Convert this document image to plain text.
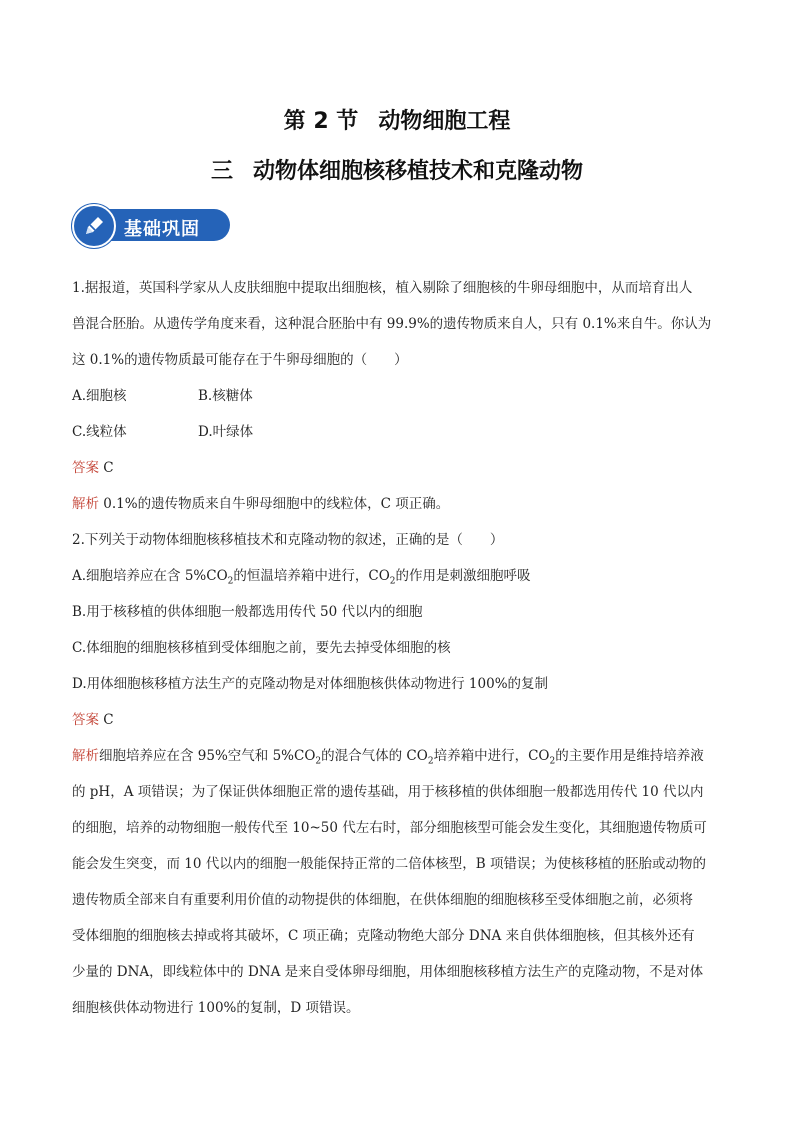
第 2 节 动物细胞工程
三 动物体细胞核移植技术和克隆动物
基础巩固

1.据报道，英国科学家从人皮肤细胞中提取出细胞核，植入剔除了细胞核的牛卵母细胞中，从而培育出人

兽混合胚胎。从遗传学角度来看，这种混合胚胎中有 99.9%的遗传物质来自人，只有 0.1%来自牛。你认为

这 0.1%的遗传物质最可能存在于牛卵母细胞的（　　）

A.细胞核	B.核糖体

C.线粒体	D.叶绿体

答案 C

解析 0.1%的遗传物质来自牛卵母细胞中的线粒体，C 项正确。

2.下列关于动物体细胞核移植技术和克隆动物的叙述，正确的是（　　）

A.细胞培养应在含 $5\%CO_2$的恒温培养箱中进行，$CO_2$的作用是刺激细胞呼吸

B.用于核移植的供体细胞一般都选用传代 50 代以内的细胞

C.体细胞的细胞核移植到受体细胞之前，要先去掉受体细胞的核

D.用体细胞核移植方法生产的克隆动物是对体细胞核供体动物进行 100%的复制

答案 C

解析细胞培养应在含 95%空气和 $5\%CO_2$的混合气体的 $CO_2$培养箱中进行，$CO_2$的主要作用是维持培养液

的 pH，A 项错误；为了保证供体细胞正常的遗传基础，用于核移植的供体细胞一般都选用传代 10 代以内

的细胞，培养的动物细胞一般传代至 10~50 代左右时，部分细胞核型可能会发生变化，其细胞遗传物质可

能会发生突变，而 10 代以内的细胞一般能保持正常的二倍体核型，B 项错误；为使核移植的胚胎或动物的

遗传物质全部来自有重要利用价值的动物提供的体细胞，在供体细胞的细胞核移至受体细胞之前，必须将

受体细胞的细胞核去掉或将其破坏，C 项正确；克隆动物绝大部分 DNA 来自供体细胞核，但其核外还有

少量的 DNA，即线粒体中的 DNA 是来自受体卵母细胞，用体细胞核移植方法生产的克隆动物，不是对体

细胞核供体动物进行 100%的复制，D 项错误。
